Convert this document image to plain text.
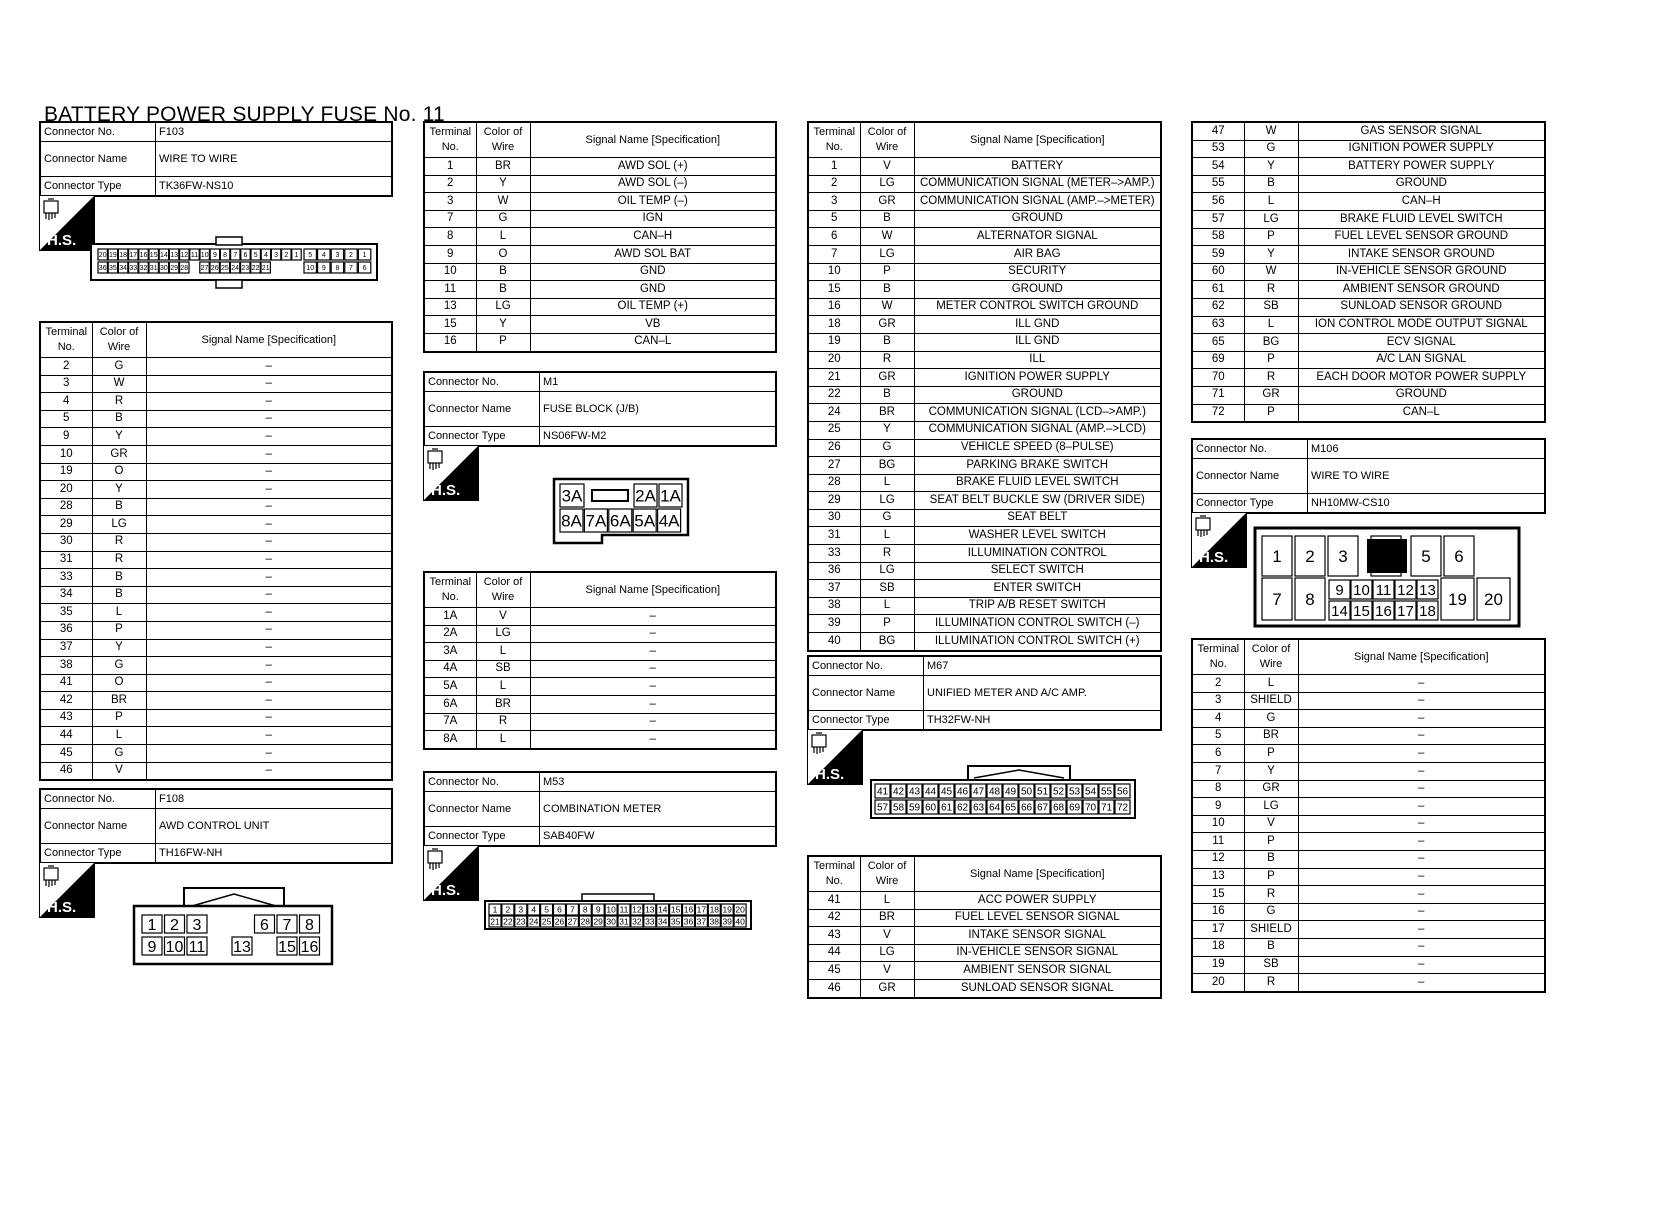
BATTERY POWER SUPPLY FUSE No. 11
Connector No.	F103
Connector Name	WIRE TO WIRE
Connector Type	TK36FW-NS10
Connector No.	F108
Connector Name	AWD CONTROL UNIT
Connector Type	TH16FW-NH
Connector No.	M1
Connector Name	FUSE BLOCK (J/B)
Connector Type	NS06FW-M2
Connector No.	M53
Connector Name	COMBINATION METER
Connector Type	SAB40FW
Connector No.	M67
Connector Name	UNIFIED METER AND A/C AMP.
Connector Type	TH32FW-NH
Connector No.	M106
Connector Name	WIRE TO WIRE
Connector Type	NH10MW-CS10
Terminal No.	Color of Wire	Signal Name [Specification]
2	G	–
3	W	–
4	R	–
5	B	–
9	Y	–
10	GR	–
19	O	–
20	Y	–
28	B	–
29	LG	–
30	R	–
31	R	–
33	B	–
34	B	–
35	L	–
36	P	–
37	Y	–
38	G	–
41	O	–
42	BR	–
43	P	–
44	L	–
45	G	–
46	V	–
Terminal No.	Color of Wire	Signal Name [Specification]
1	BR	AWD SOL (+)
2	Y	AWD SOL (–)
3	W	OIL TEMP (–)
7	G	IGN
8	L	CAN–H
9	O	AWD SOL BAT
10	B	GND
11	B	GND
13	LG	OIL TEMP (+)
15	Y	VB
16	P	CAN–L
Terminal No.	Color of Wire	Signal Name [Specification]
1A	V	–
2A	LG	–
3A	L	–
4A	SB	–
5A	L	–
6A	BR	–
7A	R	–
8A	L	–
Terminal No.	Color of Wire	Signal Name [Specification]
1	V	BATTERY
2	LG	COMMUNICATION SIGNAL (METER–>AMP.)
3	GR	COMMUNICATION SIGNAL (AMP.–>METER)
5	B	GROUND
6	W	ALTERNATOR SIGNAL
7	LG	AIR BAG
10	P	SECURITY
15	B	GROUND
16	W	METER CONTROL SWITCH GROUND
18	GR	ILL GND
19	B	ILL GND
20	R	ILL
21	GR	IGNITION POWER SUPPLY
22	B	GROUND
24	BR	COMMUNICATION SIGNAL (LCD–>AMP.)
25	Y	COMMUNICATION SIGNAL (AMP.–>LCD)
26	G	VEHICLE SPEED (8–PULSE)
27	BG	PARKING BRAKE SWITCH
28	L	BRAKE FLUID LEVEL SWITCH
29	LG	SEAT BELT BUCKLE SW (DRIVER SIDE)
30	G	SEAT BELT
31	L	WASHER LEVEL SWITCH
33	R	ILLUMINATION CONTROL
36	LG	SELECT SWITCH
37	SB	ENTER SWITCH
38	L	TRIP A/B RESET SWITCH
39	P	ILLUMINATION CONTROL SWITCH (–)
40	BG	ILLUMINATION CONTROL SWITCH (+)
Terminal No.	Color of Wire	Signal Name [Specification]
41	L	ACC POWER SUPPLY
42	BR	FUEL LEVEL SENSOR SIGNAL
43	V	INTAKE SENSOR SIGNAL
44	LG	IN-VEHICLE SENSOR SIGNAL
45	V	AMBIENT SENSOR SIGNAL
46	GR	SUNLOAD SENSOR SIGNAL
47	W	GAS SENSOR SIGNAL
53	G	IGNITION POWER SUPPLY
54	Y	BATTERY POWER SUPPLY
55	B	GROUND
56	L	CAN–H
57	LG	BRAKE FLUID LEVEL SWITCH
58	P	FUEL LEVEL SENSOR GROUND
59	Y	INTAKE SENSOR GROUND
60	W	IN-VEHICLE SENSOR GROUND
61	R	AMBIENT SENSOR GROUND
62	SB	SUNLOAD SENSOR GROUND
63	L	ION CONTROL MODE OUTPUT SIGNAL
65	BG	ECV SIGNAL
69	P	A/C LAN SIGNAL
70	R	EACH DOOR MOTOR POWER SUPPLY
71	GR	GROUND
72	P	CAN–L
Terminal No.	Color of Wire	Signal Name [Specification]
2	L	–
3	SHIELD	–
4	G	–
5	BR	–
6	P	–
7	Y	–
8	GR	–
9	LG	–
10	V	–
11	P	–
12	B	–
13	P	–
15	R	–
16	G	–
17	SHIELD	–
18	B	–
19	SB	–
20	R	–
H.S.
H.S.
H.S.
H.S.
H.S.
H.S.
20 19 18 17 16 15 14 13 12 11 10 9 8 7 6 5 4 3 2 1
36 35 34 33 32 31 30 29 28 27 26 25 24 23 22 21
5 4 3 2 1
10 9 8 7 6
1 2 3	6 7 8
9 10 11 13 15 16
3A	2A 1A
8A 7A 6A 5A 4A
1 2 3 4 5 6 7 8 9 10 11 12 13 14 15 16 17 18 19 20
21 22 23 24 25 26 27 28 29 30 31 32 33 34 35 36 37 38 39 40
41 42 43 44 45 46 47 48 49 50 51 52 53 54 55 56
57 58 59 60 61 62 63 64 65 66 67 68 69 70 71 72
1 2 3	5 6
7 8 9 10 11 12 13
14 15 16 17 18
19 20
